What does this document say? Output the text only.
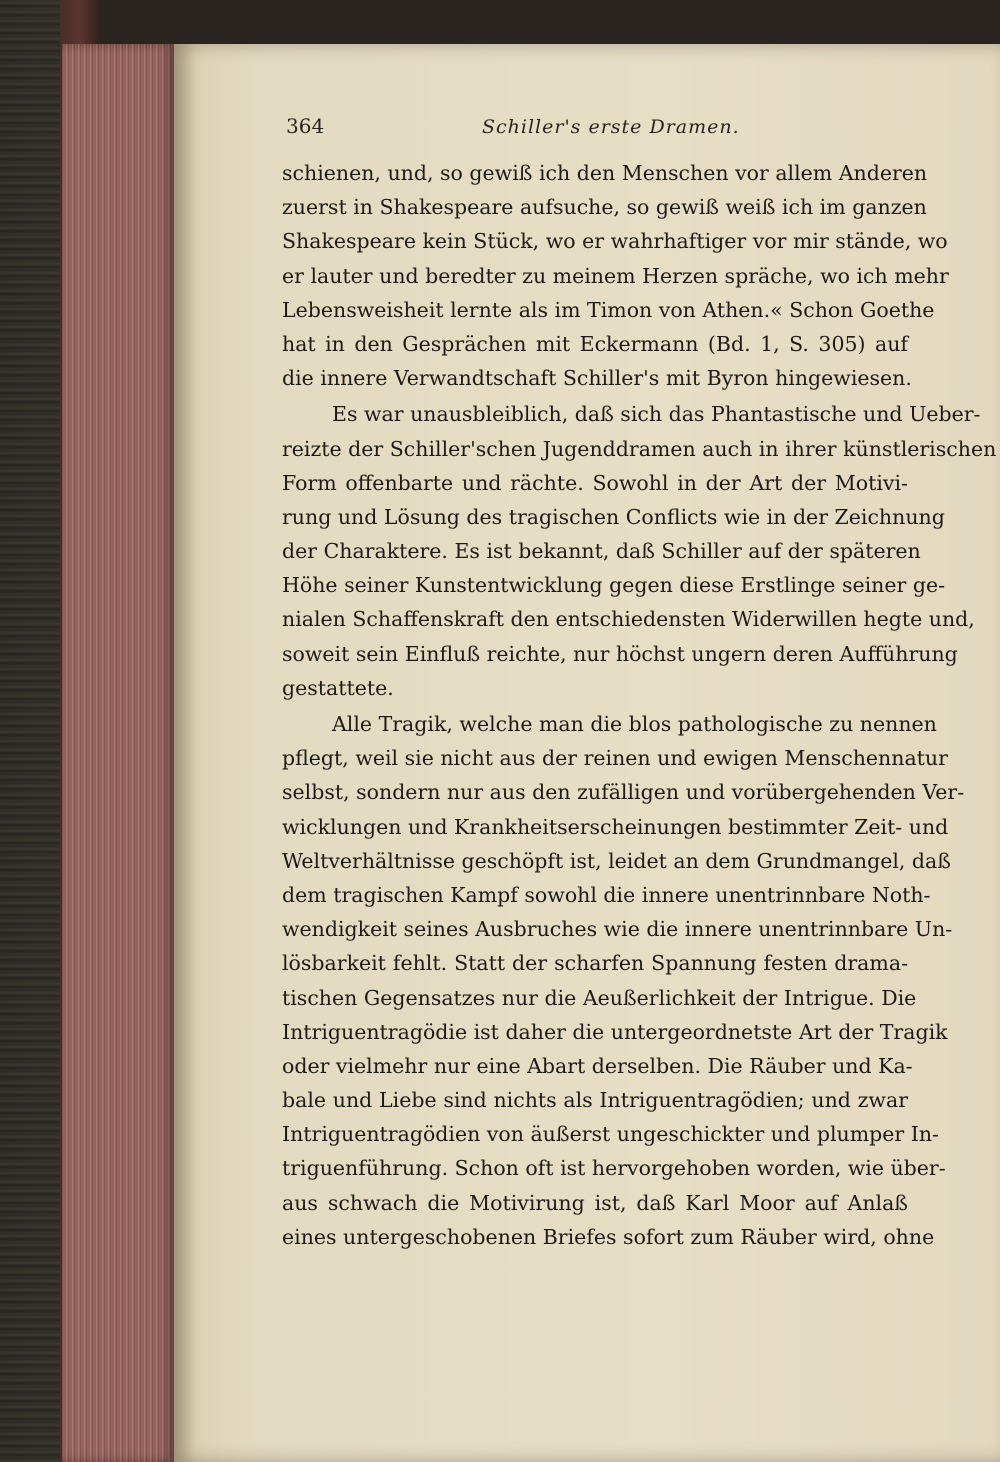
364	Schiller's erste Dramen.
schienen, und, so gewiß ich den Menschen vor allem Anderen
zuerst in Shakespeare aufsuche, so gewiß weiß ich im ganzen
Shakespeare kein Stück, wo er wahrhaftiger vor mir stände, wo
er lauter und beredter zu meinem Herzen spräche, wo ich mehr
Lebensweisheit lernte als im Timon von Athen.« Schon Goethe
hat in den Gesprächen mit Eckermann (Bd. 1, S. 305) auf
die innere Verwandtschaft Schiller's mit Byron hingewiesen.
Es war unausbleiblich, daß sich das Phantastische und Ueber-
reizte der Schiller'schen Jugenddramen auch in ihrer künstlerischen
Form offenbarte und rächte. Sowohl in der Art der Motivi-
rung und Lösung des tragischen Conflicts wie in der Zeichnung
der Charaktere. Es ist bekannt, daß Schiller auf der späteren
Höhe seiner Kunstentwicklung gegen diese Erstlinge seiner ge-
nialen Schaffenskraft den entschiedensten Widerwillen hegte und,
soweit sein Einfluß reichte, nur höchst ungern deren Aufführung
gestattete.
Alle Tragik, welche man die blos pathologische zu nennen
pflegt, weil sie nicht aus der reinen und ewigen Menschennatur
selbst, sondern nur aus den zufälligen und vorübergehenden Ver-
wicklungen und Krankheitserscheinungen bestimmter Zeit- und
Weltverhältnisse geschöpft ist, leidet an dem Grundmangel, daß
dem tragischen Kampf sowohl die innere unentrinnbare Noth-
wendigkeit seines Ausbruches wie die innere unentrinnbare Un-
lösbarkeit fehlt. Statt der scharfen Spannung festen drama-
tischen Gegensatzes nur die Aeußerlichkeit der Intrigue. Die
Intriguentragödie ist daher die untergeordnetste Art der Tragik
oder vielmehr nur eine Abart derselben. Die Räuber und Ka-
bale und Liebe sind nichts als Intriguentragödien; und zwar
Intriguentragödien von äußerst ungeschickter und plumper In-
triguenführung. Schon oft ist hervorgehoben worden, wie über-
aus schwach die Motivirung ist, daß Karl Moor auf Anlaß
eines untergeschobenen Briefes sofort zum Räuber wird, ohne
